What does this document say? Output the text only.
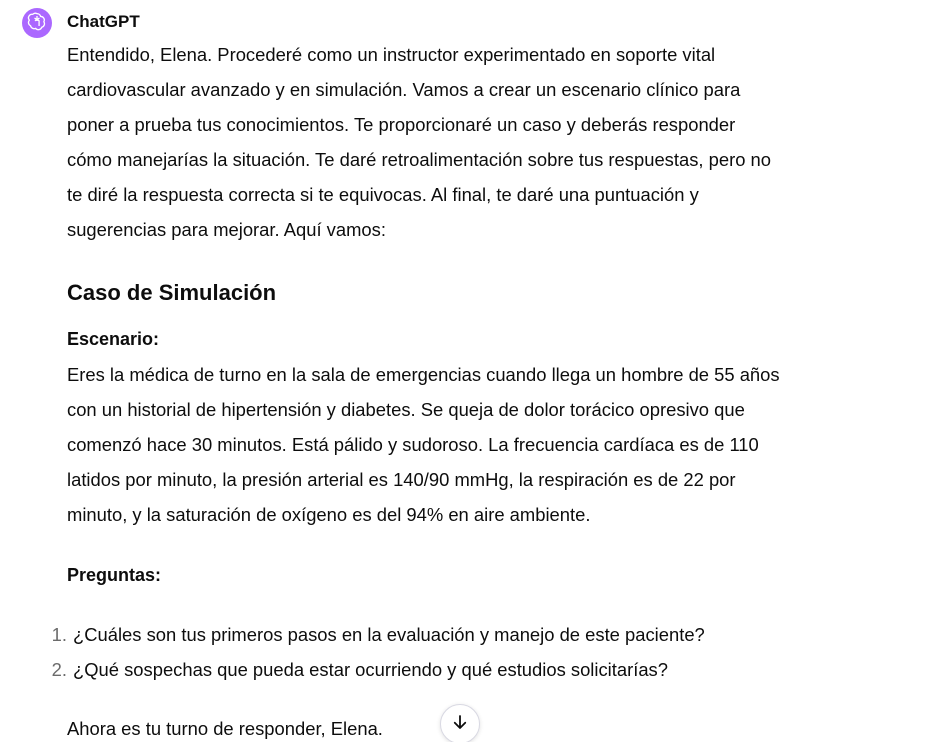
ChatGPT

Entendido, Elena. Procederé como un instructor experimentado en soporte vital

cardiovascular avanzado y en simulación. Vamos a crear un escenario clínico para

poner a prueba tus conocimientos. Te proporcionaré un caso y deberás responder

cómo manejarías la situación. Te daré retroalimentación sobre tus respuestas, pero no

te diré la respuesta correcta si te equivocas. Al final, te daré una puntuación y

sugerencias para mejorar. Aquí vamos:

Caso de Simulación
Escenario:
Eres la médica de turno en la sala de emergencias cuando llega un hombre de 55 años
con un historial de hipertensión y diabetes. Se queja de dolor torácico opresivo que
comenzó hace 30 minutos. Está pálido y sudoroso. La frecuencia cardíaca es de 110
latidos por minuto, la presión arterial es 140/90 mmHg, la respiración es de 22 por
minuto, y la saturación de oxígeno es del 94% en aire ambiente.
Preguntas:
1. ¿Cuáles son tus primeros pasos en la evaluación y manejo de este paciente?
2. ¿Qué sospechas que pueda estar ocurriendo y qué estudios solicitarías?
Ahora es tu turno de responder, Elena.
